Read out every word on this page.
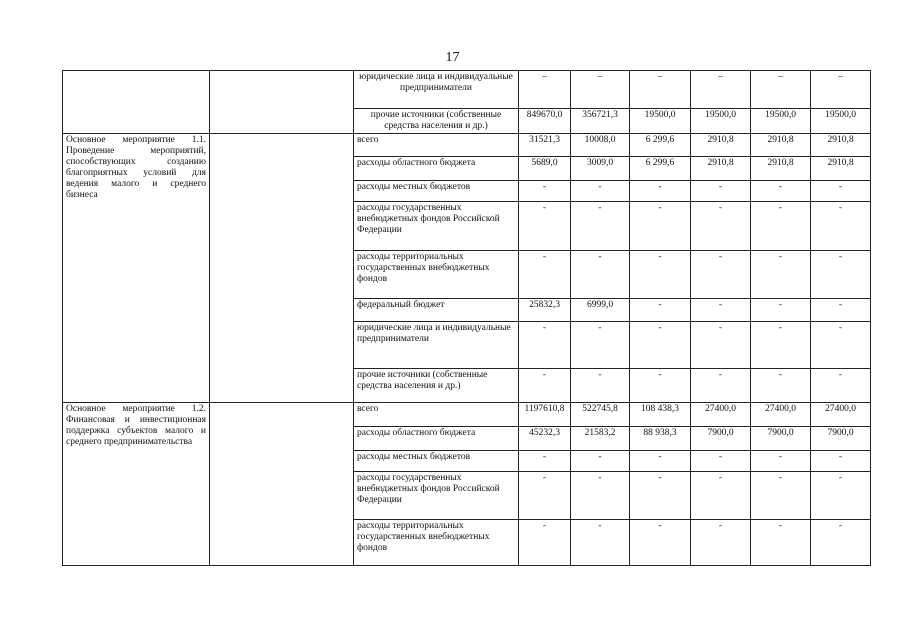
17
		юридические лица и индивидуальные предприниматели	–	–	–	–	–	–
		прочие источники (собственные средства населения и др.)	849670,0	356721,3	19500,0	19500,0	19500,0	19500,0
Основное мероприятие 1.1. Проведение мероприятий, способствующих созданию благоприятных условий для ведения малого и среднего бизнеса		всего	31521,3	10008,0	6 299,6	2910,8	2910,8	2910,8
		расходы областного бюджета	5689,0	3009,0	6 299,6	2910,8	2910,8	2910,8
		расходы местных бюджетов	-	-	-	-	-	-
		расходы государственных внебюджетных фондов Российской Федерации	-	-	-	-	-	-
		расходы территориальных государственных внебюджетных фондов	-	-	-	-	-	-
		федеральный бюджет	25832,3	6999,0	-	-	-	-
		юридические лица и индивидуальные предприниматели	-	-	-	-	-	-
		прочие источники (собственные средства населения и др.)	-	-	-	-	-	-
Основное мероприятие 1.2. Финансовая и инвестиционная поддержка субъектов малого и среднего предпринимательства		всего	1197610,8	522745,8	108 438,3	27400,0	27400,0	27400,0
		расходы областного бюджета	45232,3	21583,2	88 938,3	7900,0	7900,0	7900,0
		расходы местных бюджетов	-	-	-	-	-	-
		расходы государственных внебюджетных фондов Российской Федерации	-	-	-	-	-	-
		расходы территориальных государственных внебюджетных фондов	-	-	-	-	-	-
